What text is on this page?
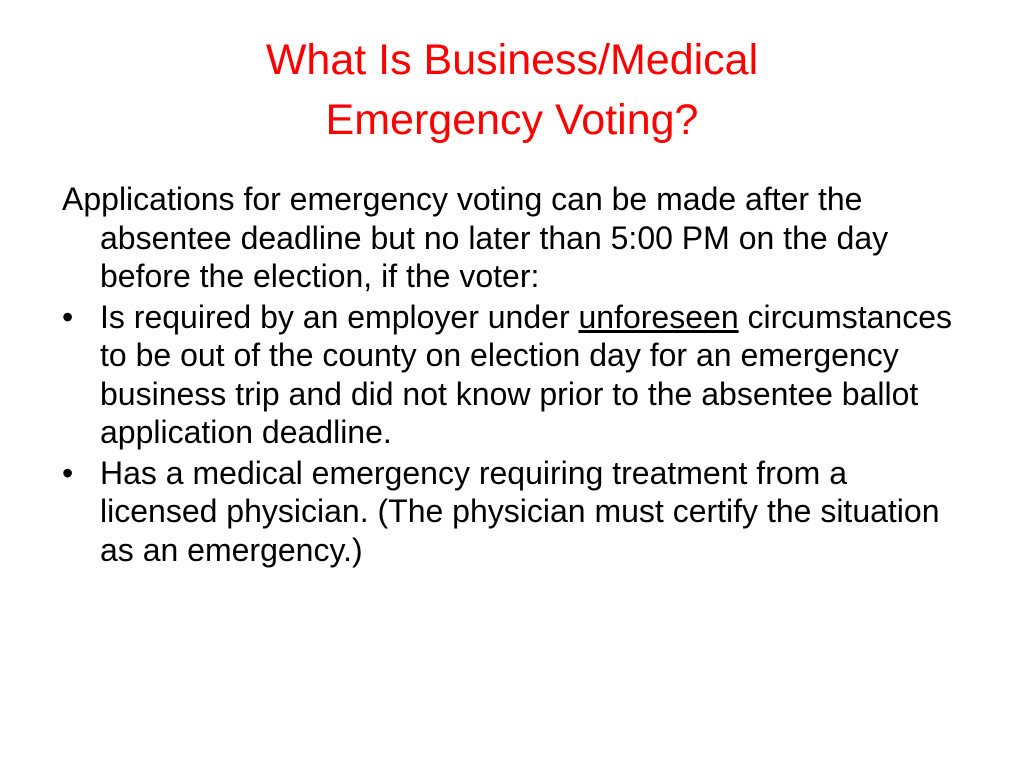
What Is Business/Medical
Emergency Voting?

Applications for emergency voting can be made after the absentee deadline but no later than 5:00 PM on the day before the election, if the voter:

• Is required by an employer under unforeseen circumstances to be out of the county on election day for an emergency business trip and did not know prior to the absentee ballot application deadline.
• Has a medical emergency requiring treatment from a licensed physician. (The physician must certify the situation as an emergency.)
